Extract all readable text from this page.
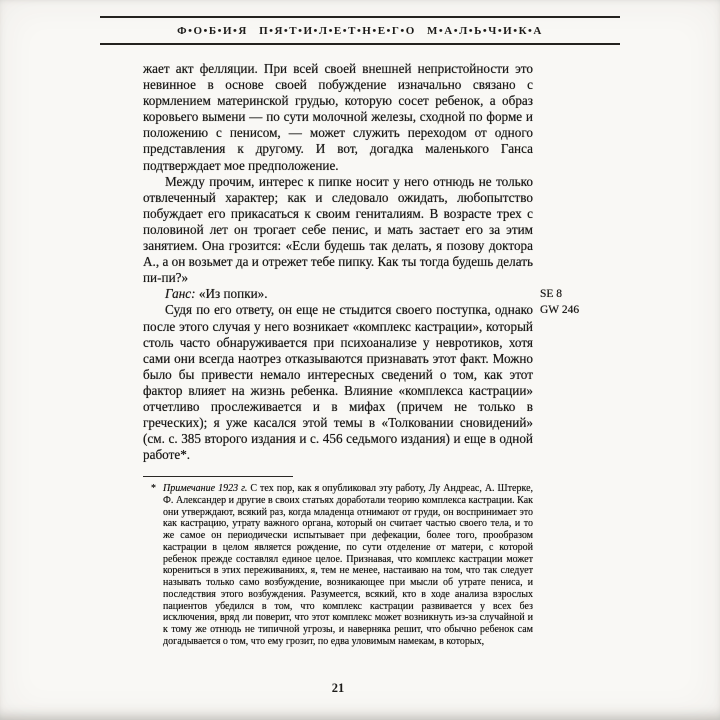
Ф•О•Б•И•Я П•Я•Т•И•Л•Е•Т•Н•Е•Г•О М•А•Л•Ь•Ч•И•К•А

жает акт фелляции. При всей своей внешней непристойности это невинное в основе своей побуждение изначально связано с кормлением материнской грудью, которую сосет ребенок, а образ коровьего вымени — по сути молочной железы, сходной по форме и положению с пенисом, — может служить переходом от одного представления к другому. И вот, догадка маленького Ганса подтверждает мое предположение.

Между прочим, интерес к пипке носит у него отнюдь не только отвлеченный характер; как и следовало ожидать, любопытство побуждает его прикасаться к своим гениталиям. В возрасте трех с половиной лет он трогает себе пенис, и мать застает его за этим занятием. Она грозится: «Если будешь так делать, я позову доктора А., а он возьмет да и отрежет тебе пипку. Как ты тогда будешь делать пи-пи?»

Ганс: «Из попки».

Судя по его ответу, он еще не стыдится своего поступка, однако после этого случая у него возникает «комплекс кастрации», который столь часто обнаруживается при психоанализе у невротиков, хотя сами они всегда наотрез отказываются признавать этот факт. Можно было бы привести немало интересных сведений о том, как этот фактор влияет на жизнь ребенка. Влияние «комплекса кастрации» отчетливо прослеживается и в мифах (причем не только в греческих); я уже касался этой темы в «Толковании сновидений» (см. с. 385 второго издания и с. 456 седьмого издания) и еще в одной работе*.

SE 8
GW 246
* Примечание 1923 г. С тех пор, как я опубликовал эту работу, Лу Андреас, А. Штерке, Ф. Александер и другие в своих статьях доработали теорию комплекса кастрации. Как они утверждают, всякий раз, когда младенца отнимают от груди, он воспринимает это как кастрацию, утрату важного органа, который он считает частью своего тела, и то же самое он периодически испытывает при дефекации, более того, прообразом кастрации в целом является рождение, по сути отделение от матери, с которой ребенок прежде составлял единое целое. Признавая, что комплекс кастрации может корениться в этих переживаниях, я, тем не менее, настаиваю на том, что так следует называть только само возбуждение, возникающее при мысли об утрате пениса, и последствия этого возбуждения. Разумеется, всякий, кто в ходе анализа взрослых пациентов убедился в том, что комплекс кастрации развивается у всех без исключения, вряд ли поверит, что этот комплекс может возникнуть из-за случайной и к тому же отнюдь не типичной угрозы, и наверняка решит, что обычно ребенок сам догадывается о том, что ему грозит, по едва уловимым намекам, в которых,
21
